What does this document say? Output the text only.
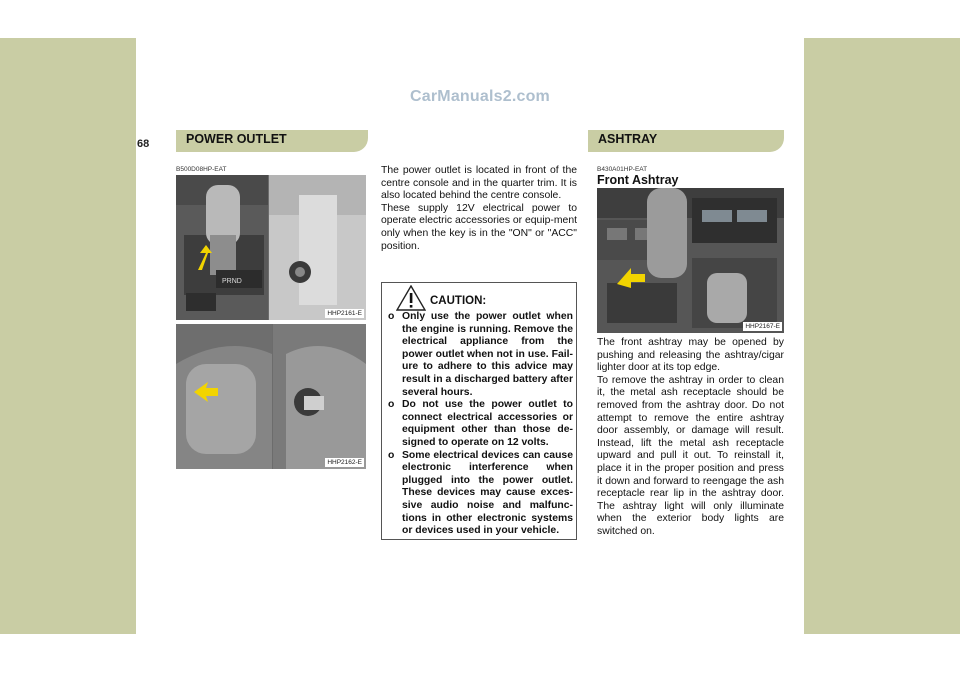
CarManuals2.com
1 CONTROLS AND EQUIPMENT
68	POWER OUTLET	ASHTRAY
B500D08HP-EAT
PRND
HHP2161-E
HHP2162-E

The power outlet is located in front of the centre console and in the quarter trim. It is also located behind the centre console.

These supply 12V electrical power to operate electric accessories or equip-ment only when the key is in the "ON" or "ACC" position.

CAUTION:

o Only use the power outlet when the engine is running. Remove the electrical appliance from the power outlet when not in use. Fail-ure to adhere to this advice may result in a discharged battery after several hours.

o Do not use the power outlet to connect electrical accessories or equipment other than those de-signed to operate on 12 volts.

o Some electrical devices can cause electronic interference when plugged into the power outlet. These devices may cause exces-sive audio noise and malfunc-tions in other electronic systems or devices used in your vehicle.

B430A01HP-EAT
Front Ashtray
HHP2167-E

The front ashtray may be opened by pushing and releasing the ashtray/cigar lighter door at its top edge.

To remove the ashtray in order to clean it, the metal ash receptacle should be removed from the ashtray door. Do not attempt to remove the entire ashtray door assembly, or damage will result. Instead, lift the metal ash receptacle upward and pull it out. To reinstall it, place it in the proper position and press it down and forward to reengage the ash receptacle rear lip in the ashtray door. The ashtray light will only illuminate when the exterior body lights are switched on.
